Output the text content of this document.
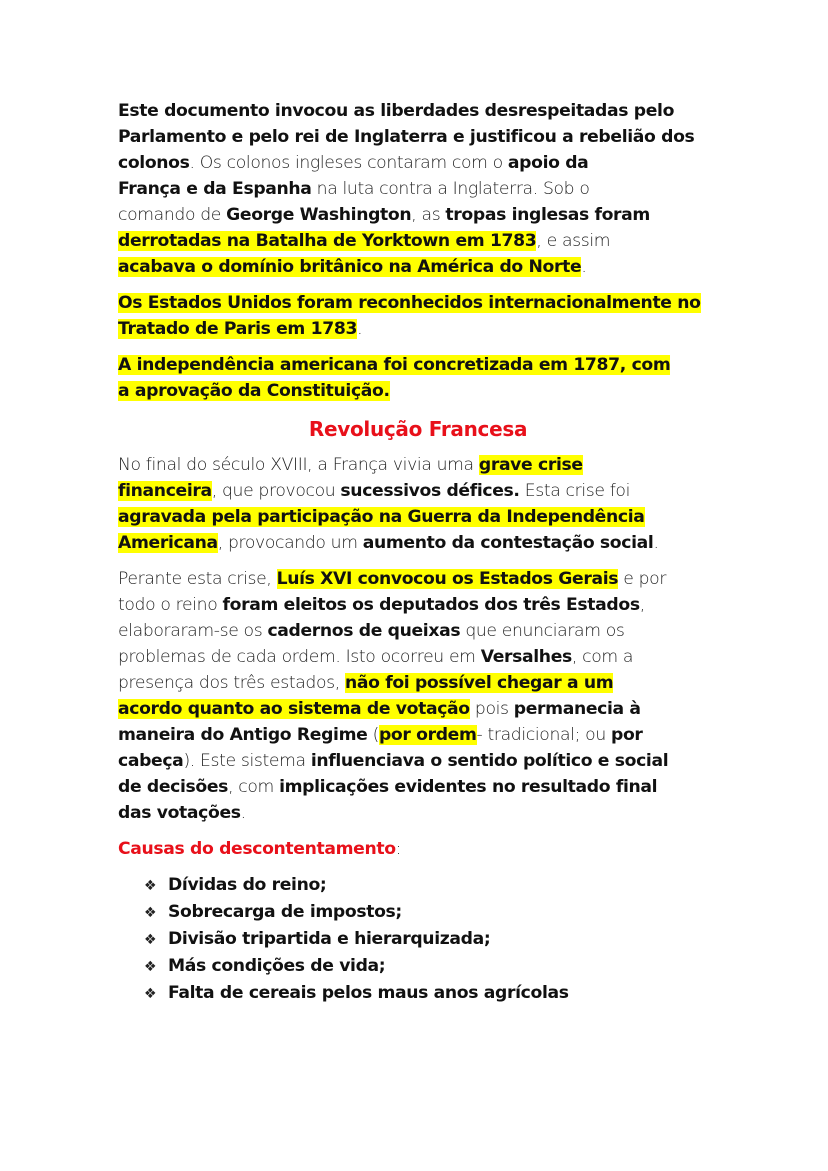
Este documento invocou as liberdades desrespeitadas pelo
Parlamento e pelo rei de Inglaterra e justificou a rebelião dos
colonos. Os colonos ingleses contaram com o apoio da
França e da Espanha na luta contra a Inglaterra. Sob o
comando de George Washington, as tropas inglesas foram
derrotadas na Batalha de Yorktown em 1783, e assim
acabava o domínio britânico na América do Norte.

Os Estados Unidos foram reconhecidos internacionalmente no
Tratado de Paris em 1783.

A independência americana foi concretizada em 1787, com
a aprovação da Constituição.

Revolução Francesa

No final do século XVIII, a França vivia uma grave crise
financeira, que provocou sucessivos défices. Esta crise foi
agravada pela participação na Guerra da Independência
Americana, provocando um aumento da contestação social.

Perante esta crise, Luís XVI convocou os Estados Gerais e por
todo o reino foram eleitos os deputados dos três Estados,
elaboraram-se os cadernos de queixas que enunciaram os
problemas de cada ordem. Isto ocorreu em Versalhes, com a
presença dos três estados, não foi possível chegar a um
acordo quanto ao sistema de votação pois permanecia à
maneira do Antigo Regime (por ordem- tradicional; ou por
cabeça). Este sistema influenciava o sentido político e social
de decisões, com implicações evidentes no resultado final
das votações.

Causas do descontentamento:

❖ Dívidas do reino;
❖ Sobrecarga de impostos;
❖ Divisão tripartida e hierarquizada;
❖ Más condições de vida;
❖ Falta de cereais pelos maus anos agrícolas
